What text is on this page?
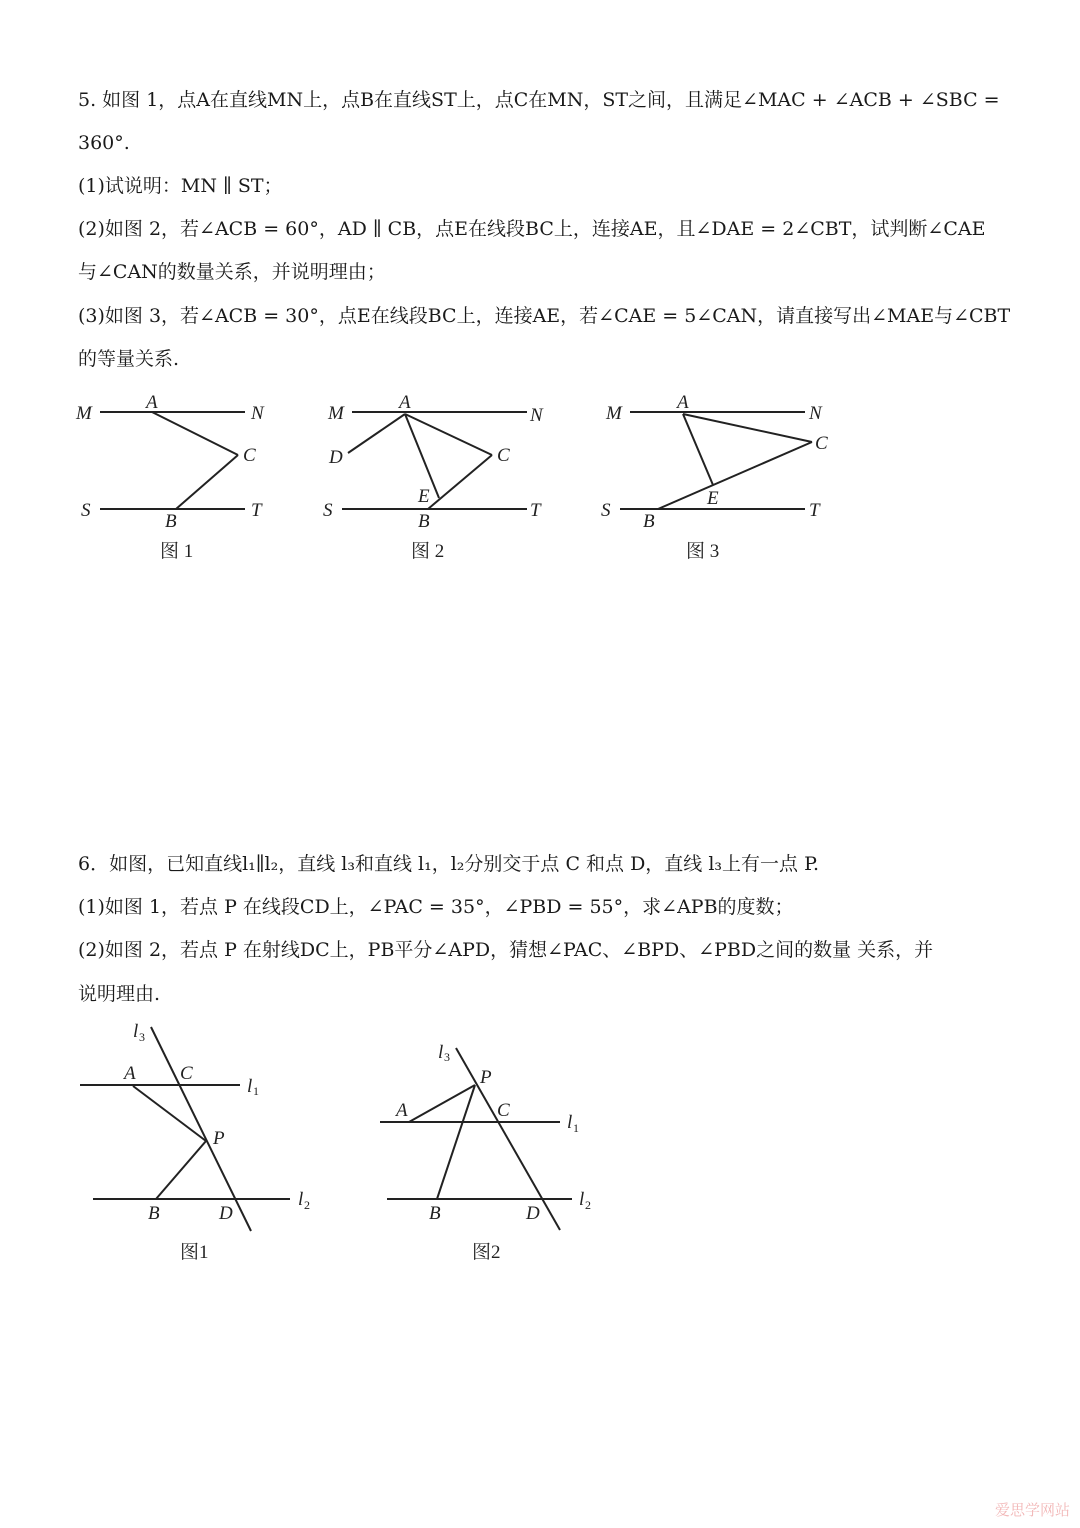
5. 如图 1，点A在直线MN上，点B在直线ST上，点C在MN，ST之间，且满足∠MAC + ∠ACB + ∠SBC =
360°.
(1)试说明：MN ∥ ST；
(2)如图 2，若∠ACB = 60°，AD ∥ CB，点E在线段BC上，连接AE，且∠DAE = 2∠CBT，试判断∠CAE
与∠CAN的数量关系，并说明理由；
(3)如图 3，若∠ACB = 30°，点E在线段BC上，连接AE，若∠CAE = 5∠CAN，请直接写出∠MAE与∠CBT
的等量关系.
M
A
N
C
S
B
T
图 1
M
A
N
D	C
E
S
B
T
图 2
M
A
N
C
E
S
B
T
图 3
6．如图，已知直线l₁∥l₂，直线 l₃和直线 l₁，l₂分别交于点 C 和点 D，直线 l₃上有一点 P.
(1)如图 1，若点 P 在线段CD上，∠PAC = 35°，∠PBD = 55°，求∠APB的度数；
(2)如图 2，若点 P 在射线DC上，PB平分∠APD，猜想∠PAC、∠BPD、∠PBD之间的数量 关系，并
说明理由.
l 3
A C
l 1
P
B	D
l 2
图1
l 3
P
A	C
l 1
B	D
l 2
图2
爱思学网站
